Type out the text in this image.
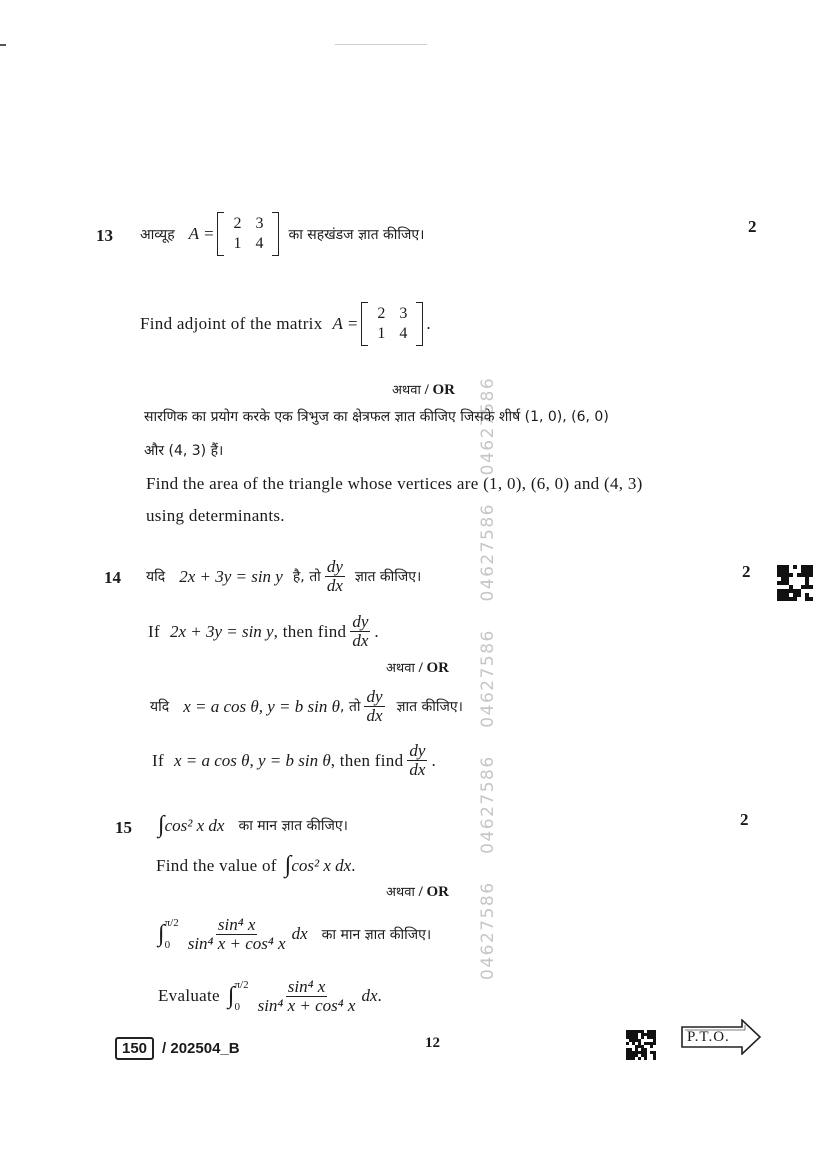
04627586    04627586    04627586    04627586    04627586
13	2
आव्यूह A =
2 3
1 4
का सहखंडज ज्ञात कीजिए।
Find adjoint of the matrix A =
2 3
1 4
.
अथवा / OR
सारणिक का प्रयोग करके एक त्रिभुज का क्षेत्रफल ज्ञात कीजिए जिसके शीर्ष (1, 0), (6, 0)
और (4, 3) हैं।
Find the area of the triangle whose vertices are (1, 0), (6, 0) and (4, 3)
using determinants.
14	2
यदि 2x + 3y = sin y है, तो $\frac{dy}{dx}$ ज्ञात कीजिए।
If 2x + 3y = sin y , then find $\frac{dy}{dx}$ .
अथवा / OR
यदि x = a cos θ, y = b sin θ , तो $\frac{dy}{dx}$ ज्ञात कीजिए।
If x = a cos θ, y = b sin θ , then find $\frac{dy}{dx}$ .
15	2
∫ cos² x dx का मान ज्ञात कीजिए।
Find the value of ∫ cos² x dx .
अथवा / OR
∫ π/2
$0 \frac{\text{sin⁴ x}}{\text{sin⁴ x + cos⁴ x}}$ dx का मान ज्ञात कीजिए।
Evaluate ∫ π/2
$0 \frac{\text{sin⁴ x}}{\text{sin⁴ x + cos⁴ x}}$ dx .
150	/ 202504_B	12	P.T.O.
